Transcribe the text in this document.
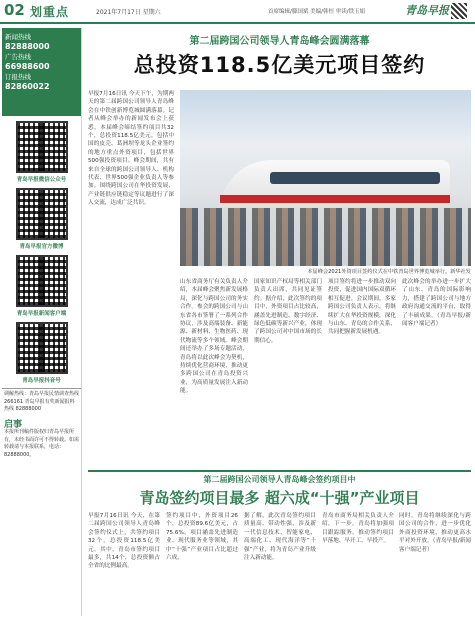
02 划重点	2021年7月17日 星期六	首席编辑/滕国斌 美编/韩恒 审读/铁玉娟	青岛早报
新闻热线
82888000
广告热线
66988600
订报热线
82860022
青岛早报微信公众号
青岛早报官方微博
青岛早报新闻客户端
青岛早报抖音号
调解热线：青岛早报民情调查热线 266161 青岛早报有奖新闻报料热线 82888000
启事
本报所刊稿件版权归青岛早报所有，未经书面许可不得转载。如需转载请与本报联系，电话：82888000。
第二届跨国公司领导人青岛峰会圆满落幕
总投资118.5亿美元项目签约
早报7月16日讯 今天下午，为期两天的第二届跨国公司领导人青岛峰会在中铁创新博览城圆满落幕。记者从峰会举办的新闻发布会上获悉，本届峰会缔结签约项目共32个，总投资118.5亿美元。包括中国的皮壳、葛洲坝等龙头企业签约的地方重点外资项目，包括世界500强投资项目。峰会期间，共有来自全球的跨国公司领导人、机构代表、世界500强企业负责人等参加。围绕跨国公司在华投资发展、产业链供应链稳定等议题进行了深入交流，达成广泛共识。
本届峰会2021外资项目签约仪式在中铁青岛世界博览城举行。新华社发
山东省商务厅有关负责人介绍，本届峰会聚焦新发展格局，深化与跨国公司的务实合作。参会的跨国公司与山东省各市签署了一系列合作协议，涉及高端装备、新能源、新材料、生物医药、现代物流等多个领域。峰会期间还举办了多场专题活动，青岛将以此次峰会为契机，持续优化营商环境，推动更多跨国公司在青岛投资兴业，为高质量发展注入新动能。
国家知识产权局等相关部门负责人出席，共同见证签约。据介绍，此次签约的项目中，外资项目占比较高，涵盖先进制造、数字经济、绿色低碳等新兴产业，体现了跨国公司对中国市场的长期信心。
项目签约将进一步推动双向投资，促进国内国际双循环相互促进。会议期间，多家跨国公司负责人表示，将继续扩大在华投资规模，深化与山东、青岛的合作关系，共同把握新发展机遇。
此次峰会的举办进一步扩大了山东、青岛的国际影响力，搭建了跨国公司与地方政府沟通交流的平台，取得了丰硕成果。（青岛早报/新闻客户端记者）
第二届跨国公司领导人青岛峰会签约项目中
青岛签约项目最多 超六成“十强”产业项目
早报7月16日讯 今天，在第二届跨国公司领导人青岛峰会签约仪式上，共签约项目32个，总投资118.5亿美元。其中，青岛市签约项目最多，共14个，总投资额占全省的比例最高。
签约项目中，外资项目26个，总投资89.6亿美元，占75.6%。项目涵盖先进制造业、现代服务业等领域，其中“十强”产业项目占比超过六成。
据了解，此次青岛签约项目质量高、带动性强，涉及新一代信息技术、智能家电、高端化工、现代海洋等“十强”产业，将为青岛产业升级注入新动能。
青岛市商务局相关负责人介绍，下一步，青岛将加强项目跟踪服务，推动签约项目早落地、早开工、早投产。
同时，青岛将继续深化与跨国公司的合作，进一步优化外商投资环境，推动更高水平对外开放。（青岛早报/新闻客户端记者）
